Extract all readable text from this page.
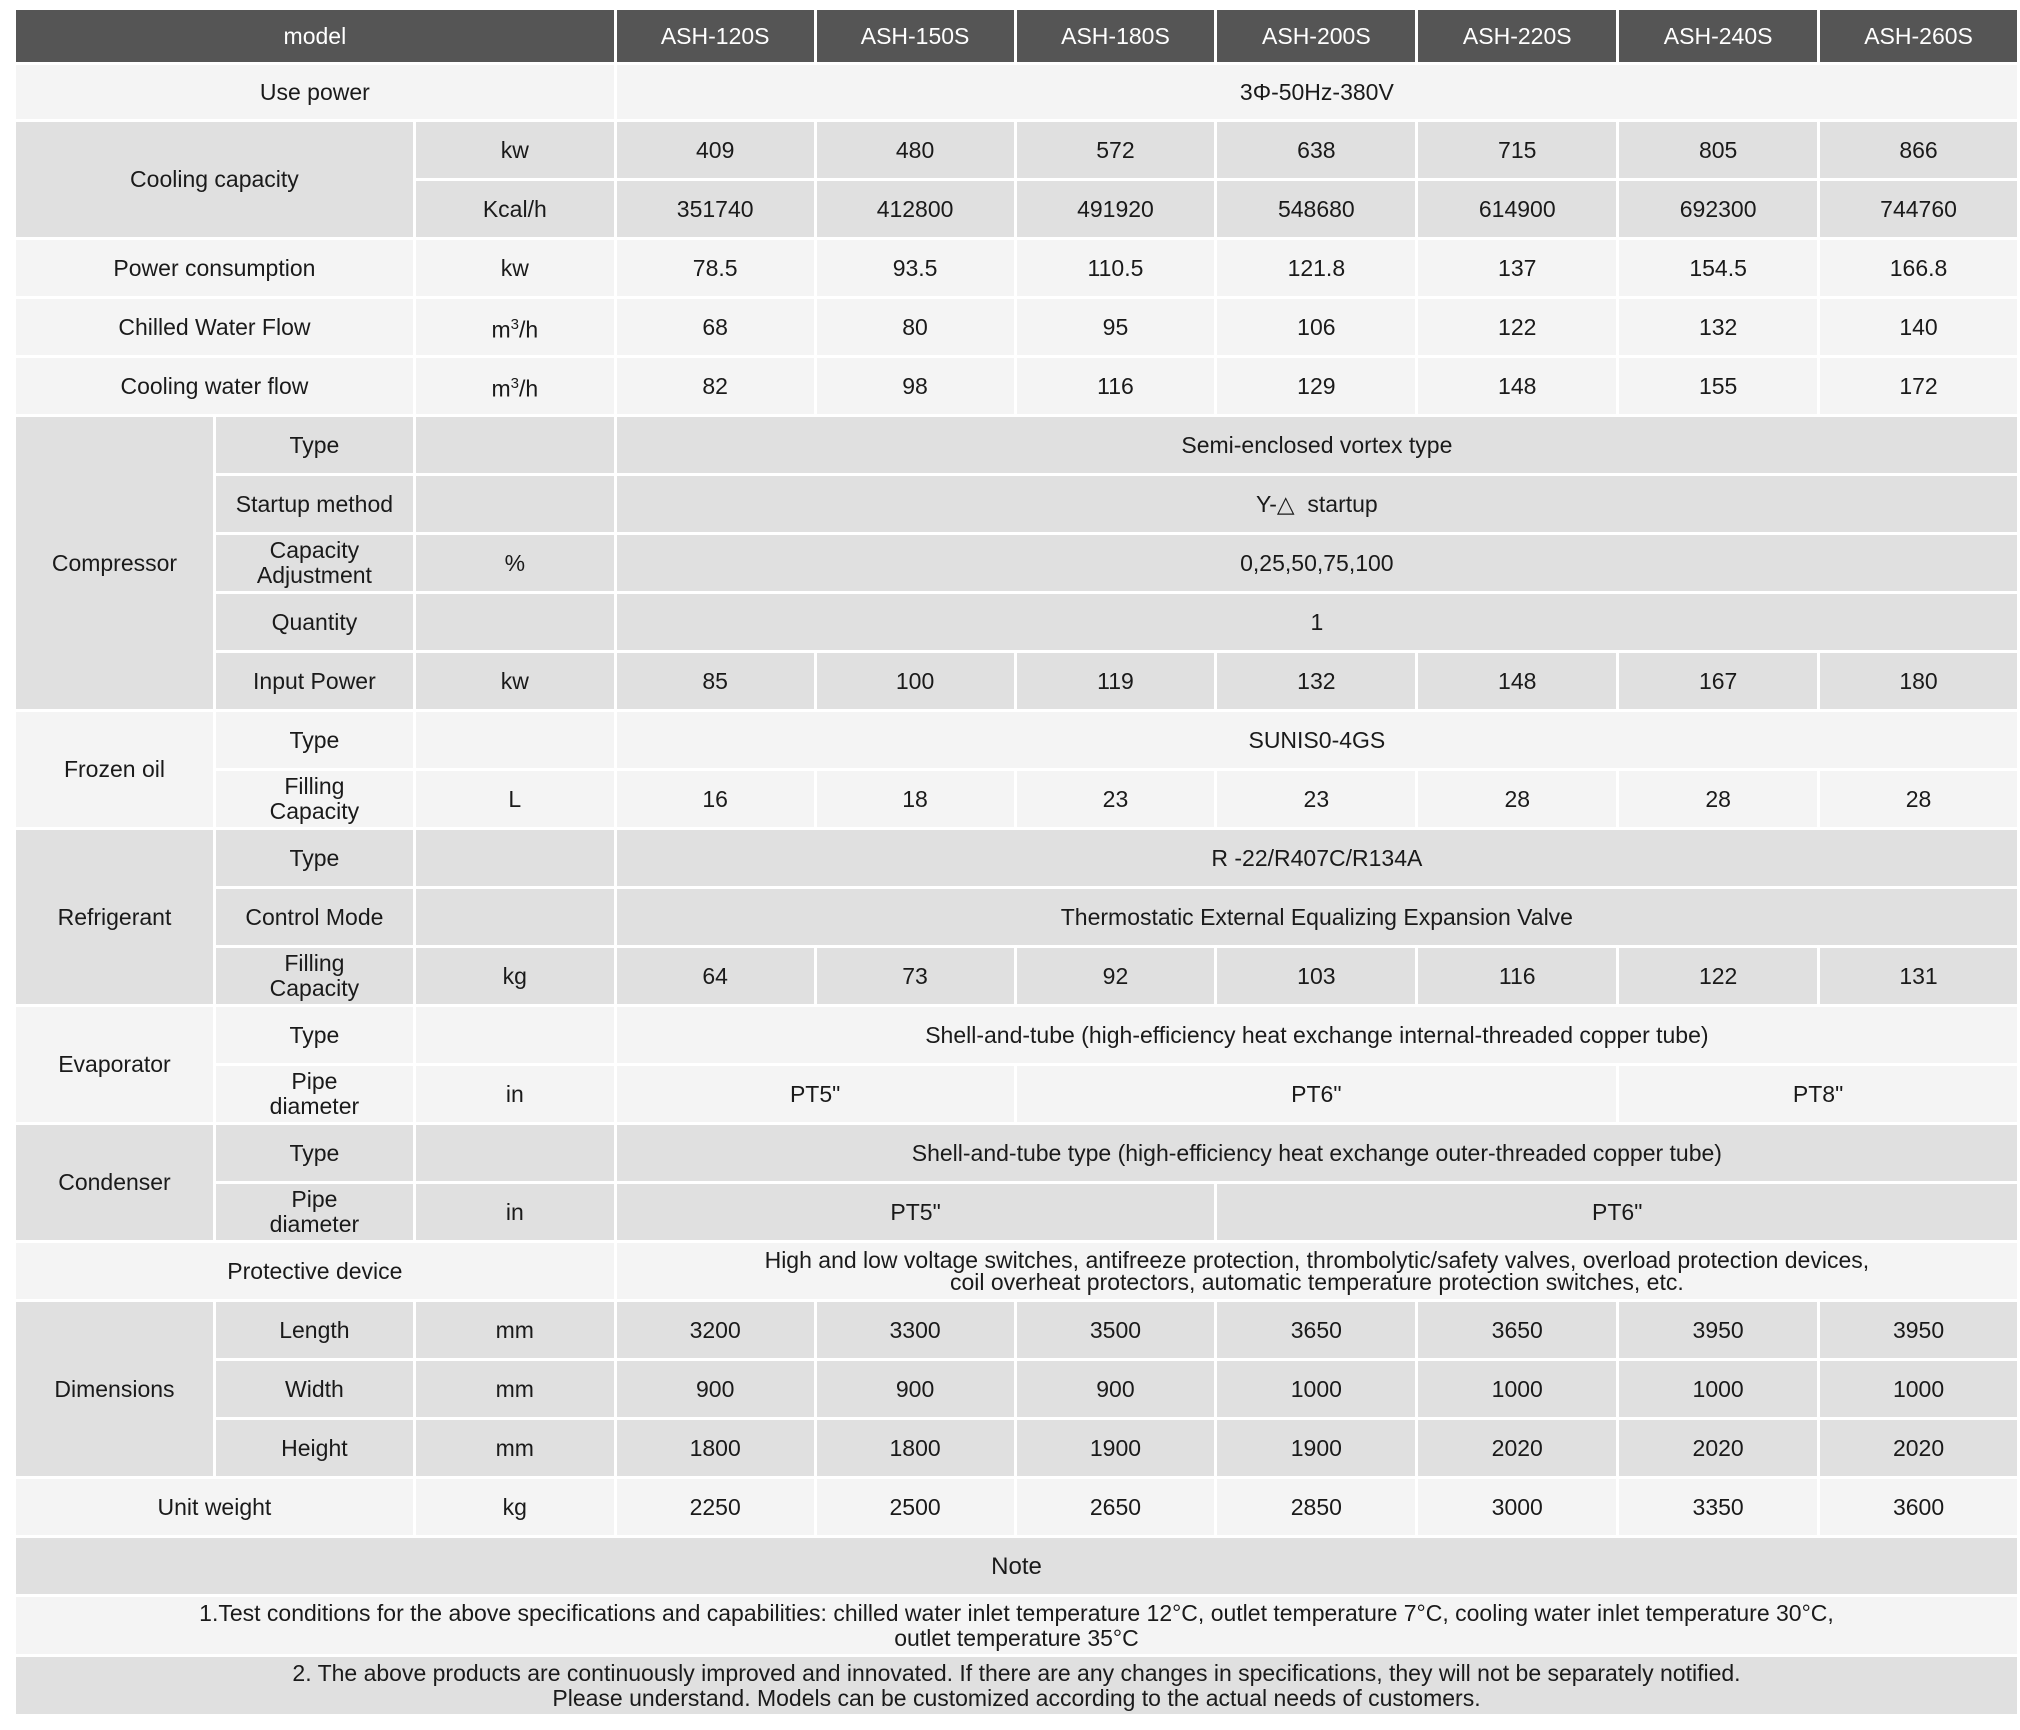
model			ASH-120S	ASH-150S	ASH-180S	ASH-200S	ASH-220S	ASH-240S	ASH-260S
Use power			3Φ-50Hz-380V						
Cooling capacity		kw	409	480	572	638	715	805	866
		Kcal/h	351740	412800	491920	548680	614900	692300	744760
Power consumption		kw	78.5	93.5	110.5	121.8	137	154.5	166.8
Chilled Water Flow		$m^3/h$	68	80	95	106	122	132	140
Cooling water flow		$m^3/h$	82	98	116	129	148	155	172
Compressor	Type		Semi-enclosed vortex type						
	Startup method		Y-△  startup						
	Capacity
Adjustment	%	0,25,50,75,100						
	Quantity		1						
	Input Power	kw	85	100	119	132	148	167	180
Frozen oil	Type		SUNIS0-4GS						
	Filling
Capacity	L	16	18	23	23	28	28	28
Refrigerant	Type		R -22/R407C/R134A						
	Control Mode		Thermostatic External Equalizing Expansion Valve						
	Filling
Capacity	kg	64	73	92	103	116	122	131
Evaporator	Type		Shell-and-tube (high-efficiency heat exchange internal-threaded copper tube)						
	Pipe
diameter	in	PT5"		PT6"			PT8"	
Condenser	Type		Shell-and-tube type (high-efficiency heat exchange outer-threaded copper tube)						
	Pipe
diameter	in	PT5"			PT6"			
Protective device			High and low voltage switches, antifreeze protection, thrombolytic/safety valves, overload protection devices,
coil overheat protectors, automatic temperature protection switches, etc.						
Dimensions	Length	mm	3200	3300	3500	3650	3650	3950	3950
	Width	mm	900	900	900	1000	1000	1000	1000
	Height	mm	1800	1800	1900	1900	2020	2020	2020
Unit weight		kg	2250	2500	2650	2850	3000	3350	3600
Note									
1.Test conditions for the above specifications and capabilities: chilled water inlet temperature 12°C, outlet temperature 7°C, cooling water inlet temperature 30°C,
outlet temperature 35°C									
2. The above products are continuously improved and innovated. If there are any changes in specifications, they will not be separately notified.
Please understand. Models can be customized according to the actual needs of customers.									
